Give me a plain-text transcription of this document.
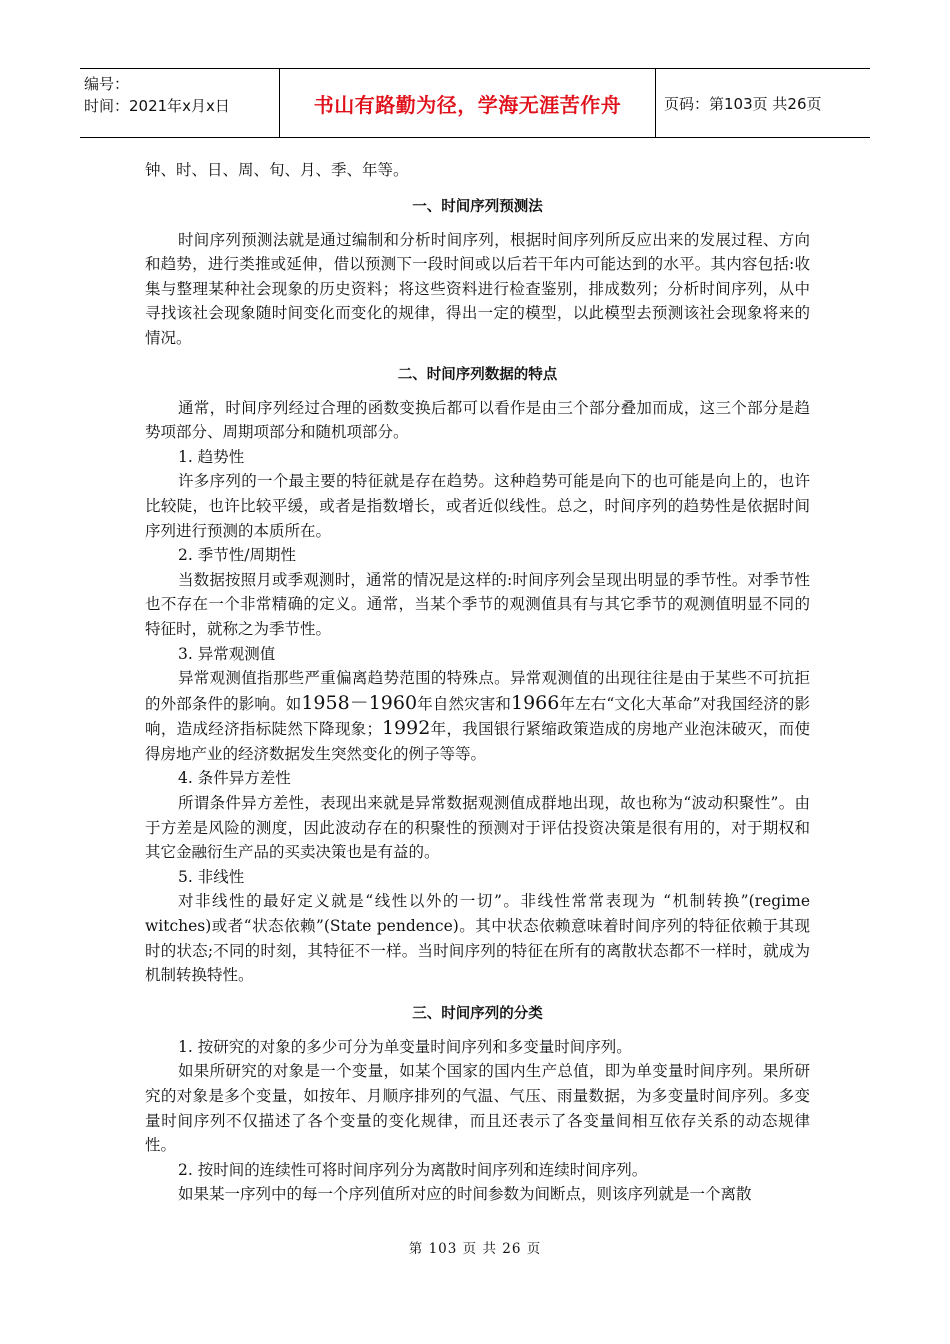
编号：
时间：2021年x月x日	书山有路勤为径，学海无涯苦作舟	页码：第103页 共26页

钟、时、日、周、旬、月、季、年等。

一、时间序列预测法

时间序列预测法就是通过编制和分析时间序列，根据时间序列所反应出来的发展过程、方向和趋势，进行类推或延伸，借以预测下一段时间或以后若干年内可能达到的水平。其内容包括:收集与整理某种社会现象的历史资料；将这些资料进行检查鉴别，排成数列；分析时间序列，从中寻找该社会现象随时间变化而变化的规律，得出一定的模型，以此模型去预测该社会现象将来的情况。

二、时间序列数据的特点

通常，时间序列经过合理的函数变换后都可以看作是由三个部分叠加而成，这三个部分是趋势项部分、周期项部分和随机项部分。

1. 趋势性

许多序列的一个最主要的特征就是存在趋势。这种趋势可能是向下的也可能是向上的，也许比较陡，也许比较平缓，或者是指数增长，或者近似线性。总之，时间序列的趋势性是依据时间序列进行预测的本质所在。

2. 季节性/周期性

当数据按照月或季观测时，通常的情况是这样的:时间序列会呈现出明显的季节性。对季节性也不存在一个非常精确的定义。通常，当某个季节的观测值具有与其它季节的观测值明显不同的特征时，就称之为季节性。

3. 异常观测值

异常观测值指那些严重偏离趋势范围的特殊点。异常观测值的出现往往是由于某些不可抗拒的外部条件的影响。如1958－1960年自然灾害和1966年左右“文化大革命”对我国经济的影响，造成经济指标陡然下降现象；1992年，我国银行紧缩政策造成的房地产业泡沫破灭，而使得房地产业的经济数据发生突然变化的例子等等。

4. 条件异方差性

所谓条件异方差性，表现出来就是异常数据观测值成群地出现，故也称为“波动积聚性”。由于方差是风险的测度，因此波动存在的积聚性的预测对于评估投资决策是很有用的，对于期权和其它金融衍生产品的买卖决策也是有益的。

5. 非线性

对非线性的最好定义就是“线性以外的一切”。非线性常常表现为 “机制转换”(regime witches)或者“状态依赖”(State pendence)。其中状态依赖意味着时间序列的特征依赖于其现时的状态;不同的时刻，其特征不一样。当时间序列的特征在所有的离散状态都不一样时，就成为机制转换特性。

三、时间序列的分类

1. 按研究的对象的多少可分为单变量时间序列和多变量时间序列。

如果所研究的对象是一个变量，如某个国家的国内生产总值，即为单变量时间序列。果所研究的对象是多个变量，如按年、月顺序排列的气温、气压、雨量数据，为多变量时间序列。多变量时间序列不仅描述了各个变量的变化规律，而且还表示了各变量间相互依存关系的动态规律性。

2. 按时间的连续性可将时间序列分为离散时间序列和连续时间序列。

如果某一序列中的每一个序列值所对应的时间参数为间断点，则该序列就是一个离散

第 103 页 共 26 页
